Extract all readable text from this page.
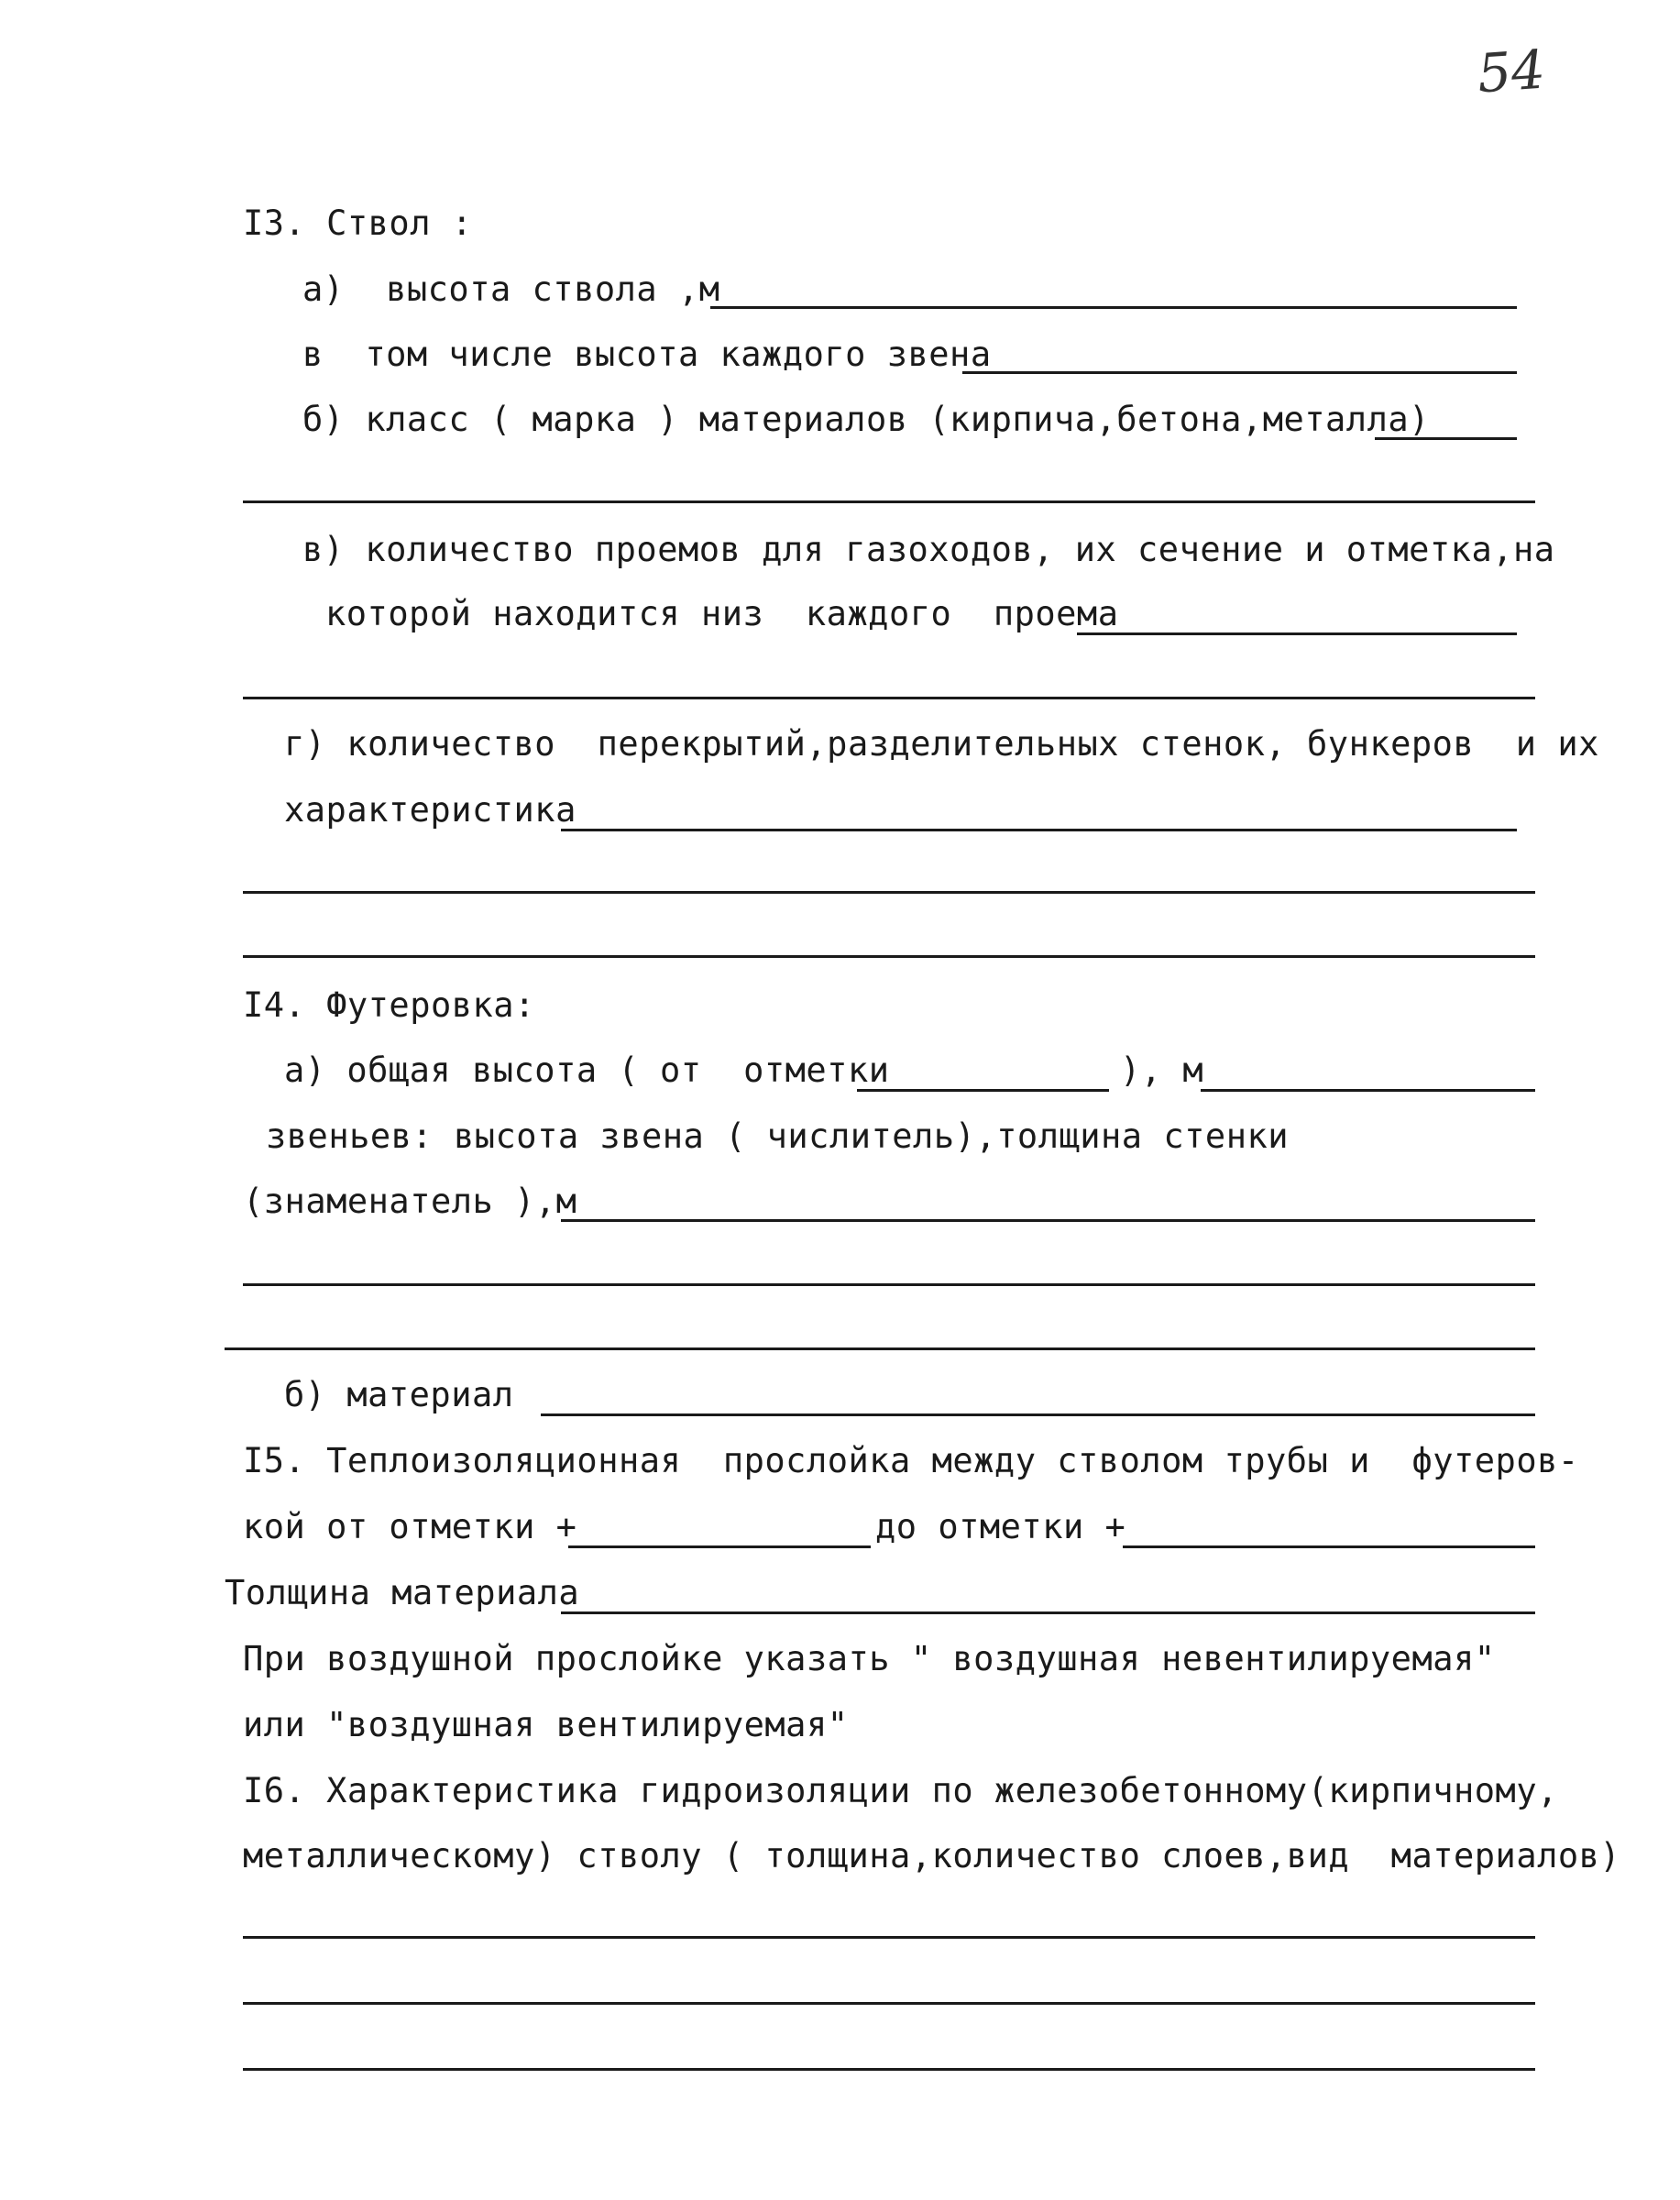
54
I3. Ствол :
а)  высота ствола ,м
в  том числе высота каждого звена
б) класс ( марка ) материалов (кирпича,бетона,металла)
в) количество проемов для газоходов, их сечение и отметка,на
которой находится низ  каждого  проема
г) количество  перекрытий,разделительных стенок, бункеров  и их
характериcтика
I4. Футеровка:
а) общая высота ( от  отметки	), м
звеньев: высота звена ( числитель),толщина стенки
(знаменатель ),м
б) материал
I5. Теплоизоляционная  прослойка между стволом трубы и  футеров-
кой от отметки +	до отметки +
Толщина материала
При воздушной прослойке указать " воздушная невентилируемая"
или "воздушная вентилируемая"
I6. Характеристика гидроизоляции по железобетонному(кирпичному,
металлическому) стволу ( толщина,количество слоев,вид  материалов)
